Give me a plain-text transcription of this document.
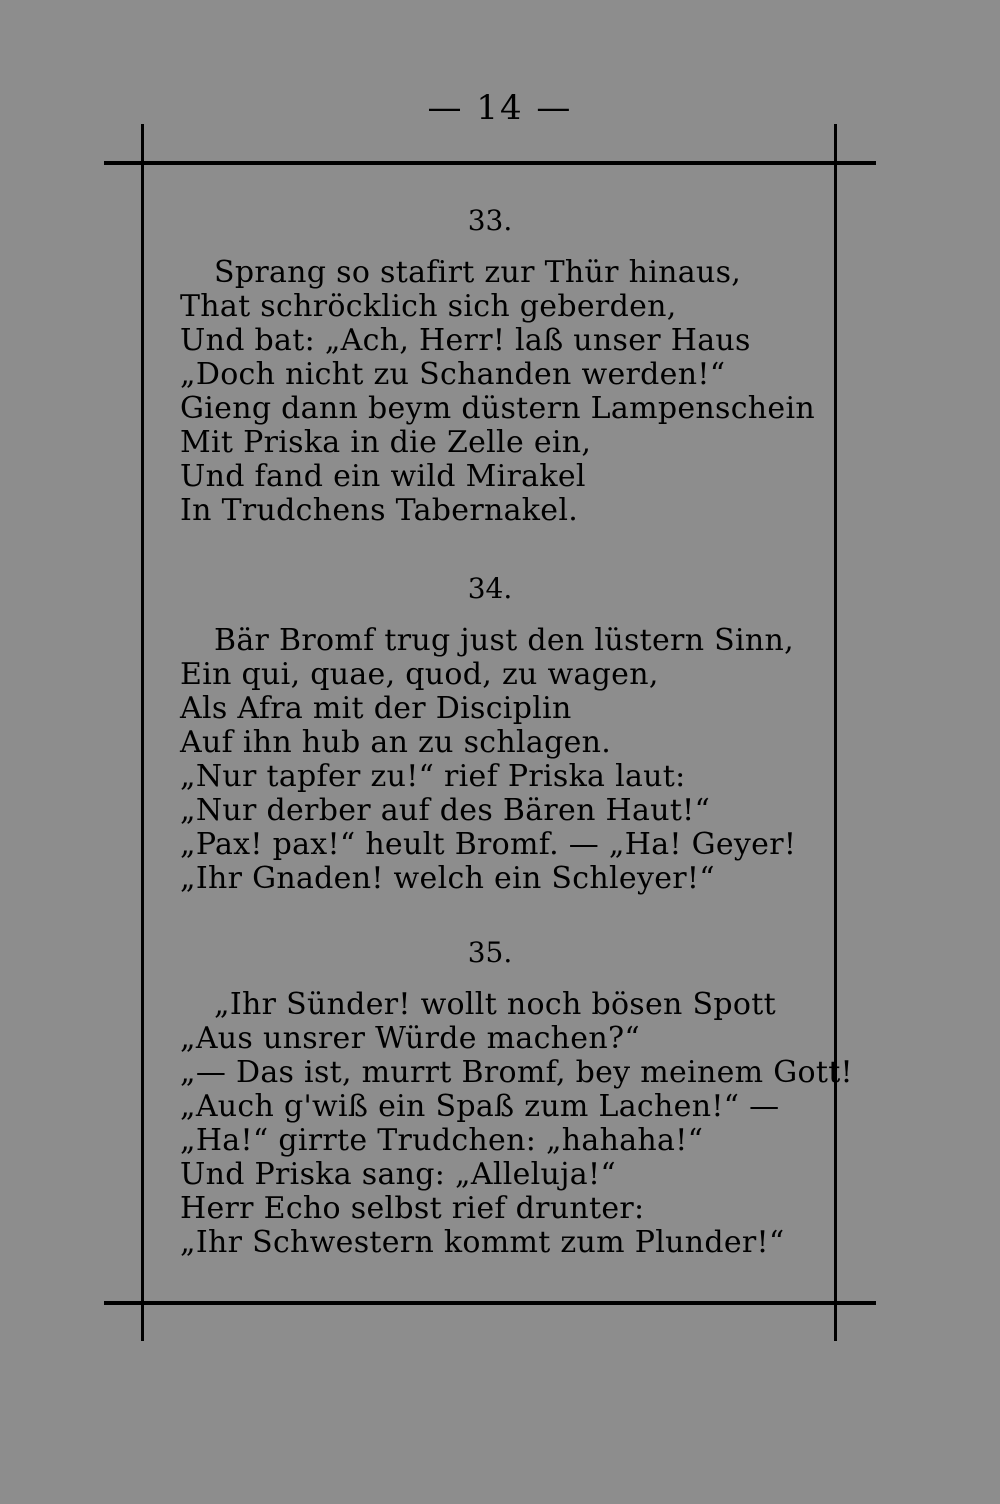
— 14 —
33.
Sprang so stafirt zur Thür hinaus,
That schröcklich sich geberden,
Und bat: „Ach, Herr! laß unser Haus
„Doch nicht zu Schanden werden!“
Gieng dann beym düstern Lampenschein
Mit Priska in die Zelle ein,
Und fand ein wild Mirakel
In Trudchens Tabernakel.
34.
Bär Bromf trug just den lüstern Sinn,
Ein qui, quae, quod, zu wagen,
Als Afra mit der Disciplin
Auf ihn hub an zu schlagen.
„Nur tapfer zu!“ rief Priska laut:
„Nur derber auf des Bären Haut!“
„Pax! pax!“ heult Bromf. — „Ha! Geyer!
„Ihr Gnaden! welch ein Schleyer!“
35.
„Ihr Sünder! wollt noch bösen Spott
„Aus unsrer Würde machen?“
„— Das ist, murrt Bromf, bey meinem Gott!
„Auch g'wiß ein Spaß zum Lachen!“ —
„Ha!“ girrte Trudchen: „hahaha!“
Und Priska sang: „Alleluja!“
Herr Echo selbst rief drunter:
„Ihr Schwestern kommt zum Plunder!“
